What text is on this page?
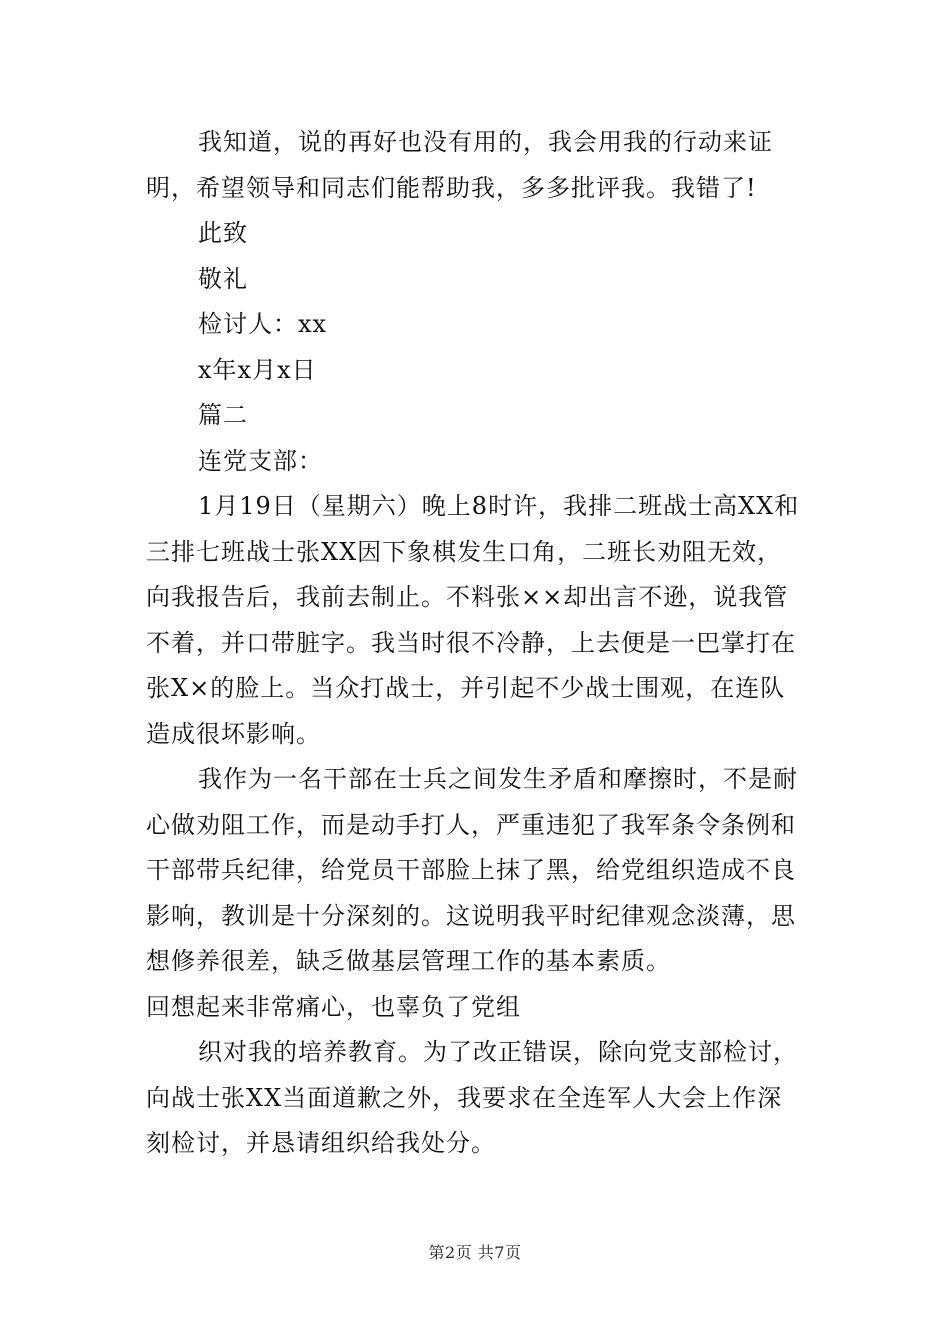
我知道，说的再好也没有用的，我会用我的行动来证明，希望领导和同志们能帮助我，多多批评我。我错了!

此致

敬礼

检讨人：xx

x年x月x日

篇二

连党支部：

1月19日（星期六）晚上8时许，我排二班战士高XX和三排七班战士张XX因下象棋发生口角，二班长劝阻无效，向我报告后，我前去制止。不料张××却出言不逊，说我管不着，并口带脏字。我当时很不冷静，上去便是一巴掌打在张X×的脸上。当众打战士，并引起不少战士围观，在连队造成很坏影响。

我作为一名干部在士兵之间发生矛盾和摩擦时，不是耐心做劝阻工作，而是动手打人，严重违犯了我军条令条例和干部带兵纪律，给党员干部脸上抹了黑，给党组织造成不良影响，教训是十分深刻的。这说明我平时纪律观念淡薄，思想修养很差，缺乏做基层管理工作的基本素质。

回想起来非常痛心，也辜负了党组

织对我的培养教育。为了改正错误，除向党支部检讨，向战士张XX当面道歉之外，我要求在全连军人大会上作深刻检讨，并恳请组织给我处分。

第2页 共7页
